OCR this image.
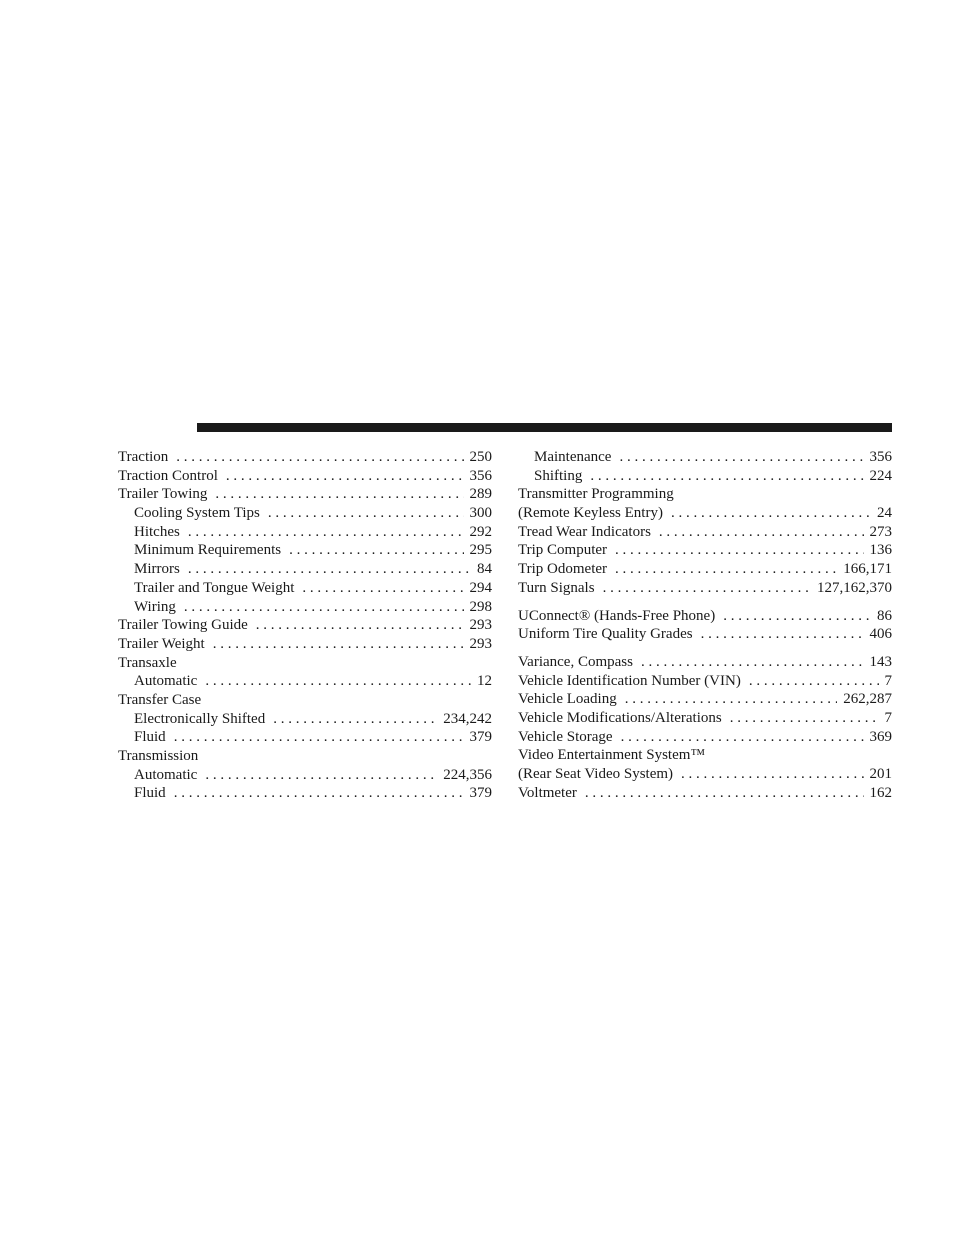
Traction . . .	250
Traction Control . . .	356
Trailer Towing . . .	289
Cooling System Tips . . .	300
Hitches . . .	292
Minimum Requirements . . .	295
Mirrors . . .	84
Trailer and Tongue Weight . . .	294
Wiring . . .	298
Trailer Towing Guide . . .	293
Trailer Weight . . .	293
Transaxle
Automatic . . .	12
Transfer Case
Electronically Shifted . . .	234,242
Fluid . . .	379
Transmission
Automatic . . .	224,356
Fluid . . .	379
Maintenance . . .	356
Shifting . . .	224
Transmitter Programming
(Remote Keyless Entry) . . .	24
Tread Wear Indicators . . .	273
Trip Computer . . .	136
Trip Odometer . . .	166,171
Turn Signals . . .	127,162,370
UConnect® (Hands-Free Phone) . . .	86
Uniform Tire Quality Grades . . .	406
Variance, Compass . . .	143
Vehicle Identification Number (VIN) . . .	7
Vehicle Loading . . .	262,287
Vehicle Modifications/Alterations . . .	7
Vehicle Storage . . .	369
Video Entertainment System™
(Rear Seat Video System) . . .	201
Voltmeter . . .	162
